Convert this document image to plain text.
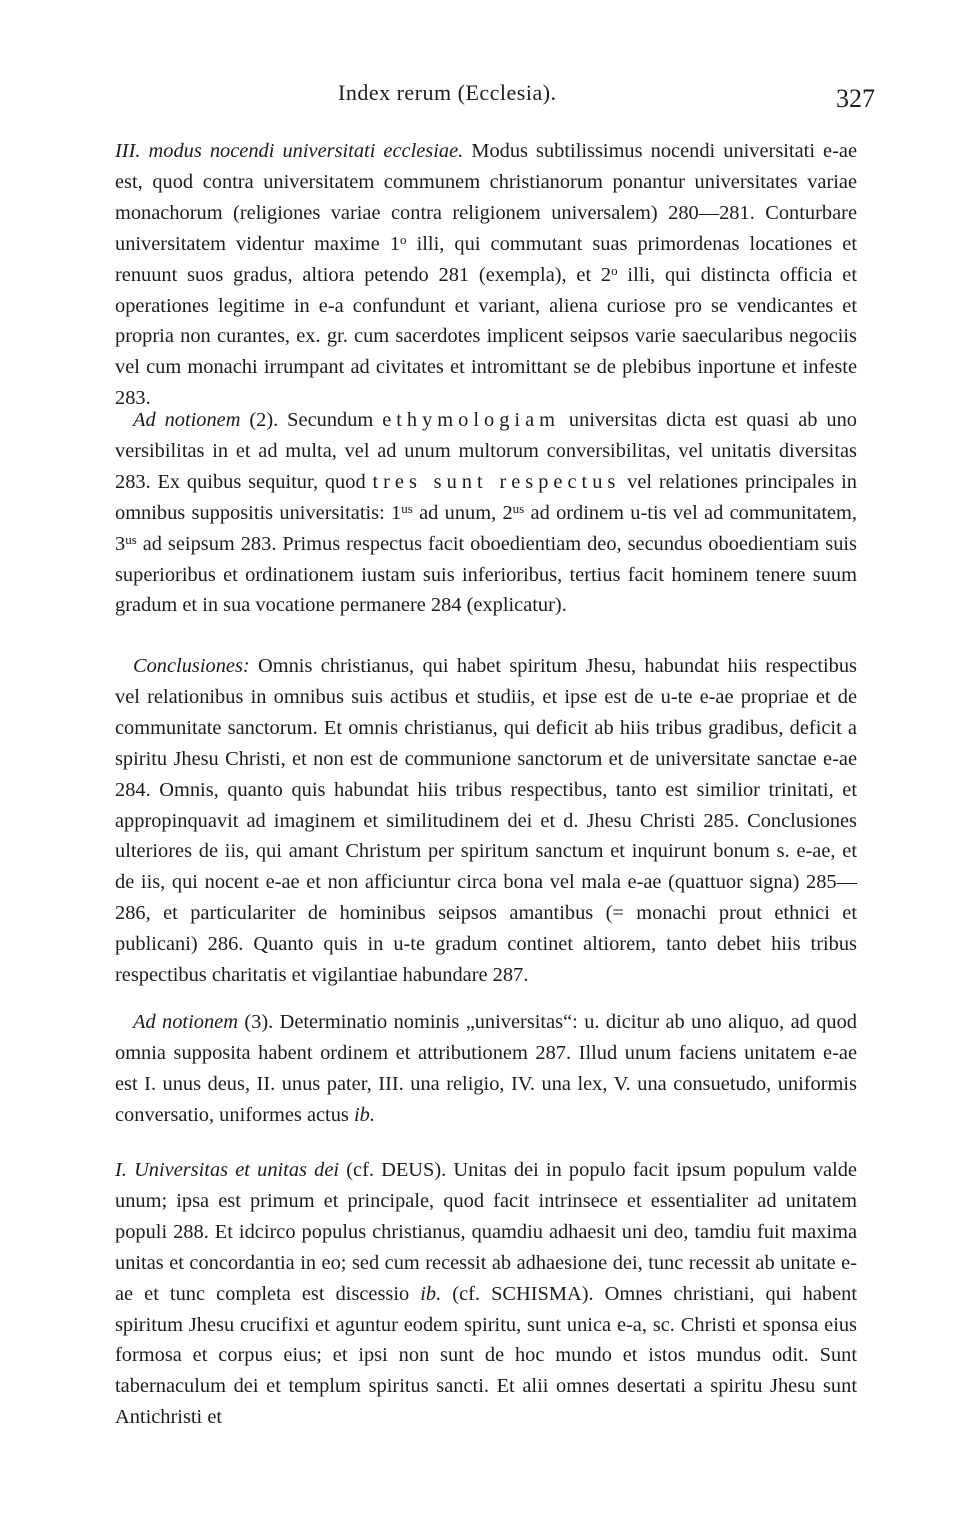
Index rerum (Ecclesia).	327

III. modus nocendi universitati ecclesiae. Modus subtilissimus nocendi universitati e-ae est, quod contra universitatem communem christianorum ponantur universitates variae monachorum (religiones variae contra religionem universalem) 280—281. Conturbare universitatem videntur maxime 1$^o$ illi, qui commutant suas primordenas locationes et renuunt suos gradus, altiora petendo 281 (exempla), et 2$^o$ illi, qui distincta officia et operationes legitime in e-a confundunt et variant, aliena curiose pro se vendicantes et propria non curantes, ex. gr. cum sacerdotes implicent seipsos varie saecularibus negociis vel cum monachi irrumpant ad civitates et intromittant se de plebibus inportune et infeste 283.

Ad notionem (2). Secundum ethymologiam universitas dicta est quasi ab uno versibilitas in et ad multa, vel ad unum multorum conversibilitas, vel unitatis diversitas 283. Ex quibus sequitur, quod tres sunt respectus vel relationes principales in omnibus suppositis universitatis: $1^{us}$ ad unum, $2^{us}$ ad ordinem u-tis vel ad communitatem, $3^{us}$ ad seipsum 283. Primus respectus facit oboedientiam deo, secundus oboedientiam suis superioribus et ordinationem iustam suis inferioribus, tertius facit hominem tenere suum gradum et in sua vocatione permanere 284 (explicatur).

Conclusiones: Omnis christianus, qui habet spiritum Jhesu, habundat hiis respectibus vel relationibus in omnibus suis actibus et studiis, et ipse est de u-te e-ae propriae et de communitate sanctorum. Et omnis christianus, qui deficit ab hiis tribus gradibus, deficit a spiritu Jhesu Christi, et non est de communione sanctorum et de universitate sanctae e-ae 284. Omnis, quanto quis habundat hiis tribus respectibus, tanto est similior trinitati, et appropinquavit ad imaginem et similitudinem dei et d. Jhesu Christi 285. Conclusiones ulteriores de iis, qui amant Christum per spiritum sanctum et inquirunt bonum s. e-ae, et de iis, qui nocent e-ae et non afficiuntur circa bona vel mala e-ae (quattuor signa) 285—286, et particulariter de hominibus seipsos amantibus (= monachi prout ethnici et publicani) 286. Quanto quis in u-te gradum continet altiorem, tanto debet hiis tribus respectibus charitatis et vigilantiae habundare 287.

Ad notionem (3). Determinatio nominis „universitas“: u. dicitur ab uno aliquo, ad quod omnia supposita habent ordinem et attributionem 287. Illud unum faciens unitatem e-ae est I. unus deus, II. unus pater, III. una religio, IV. una lex, V. una consuetudo, uniformis conversatio, uniformes actus ib.

I. Universitas et unitas dei (cf. DEUS). Unitas dei in populo facit ipsum populum valde unum; ipsa est primum et principale, quod facit intrinsece et essentialiter ad unitatem populi 288. Et idcirco populus christianus, quamdiu adhaesit uni deo, tamdiu fuit maxima unitas et concordantia in eo; sed cum recessit ab adhaesione dei, tunc recessit ab unitate e-ae et tunc completa est discessio ib. (cf. SCHISMA). Omnes christiani, qui habent spiritum Jhesu crucifixi et aguntur eodem spiritu, sunt unica e-a, sc. Christi et sponsa eius formosa et corpus eius; et ipsi non sunt de hoc mundo et istos mundus odit. Sunt tabernaculum dei et templum spiritus sancti. Et alii omnes desertati a spiritu Jhesu sunt Antichristi et
